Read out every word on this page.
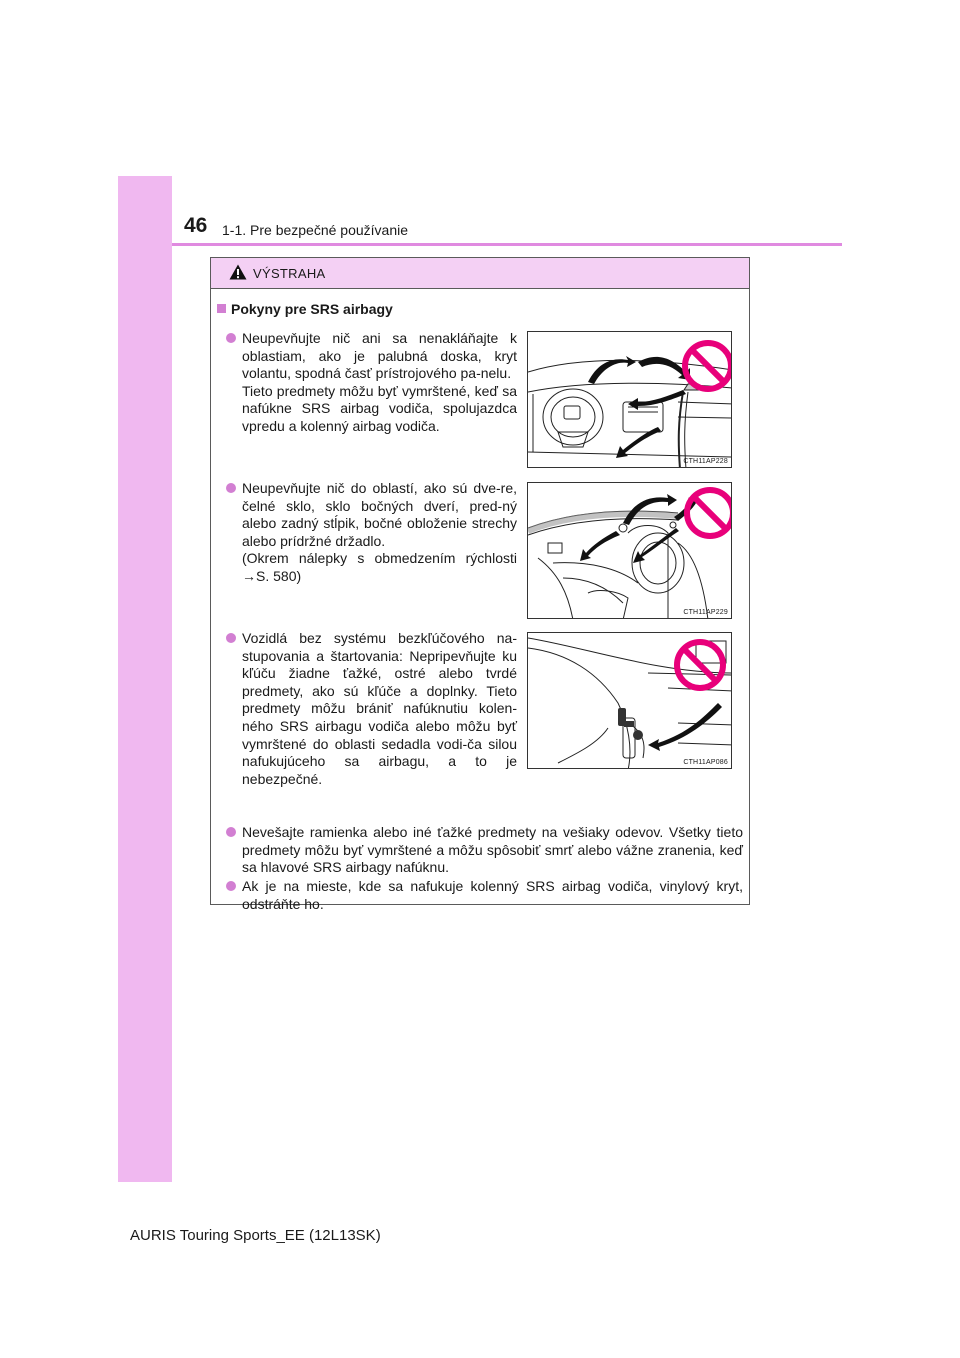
46 1-1. Pre bezpečné používanie
VÝSTRAHA
Pokyny pre SRS airbagy
Neupevňujte nič ani sa nenakláňajte k oblastiam, ako je palubná doska, kryt volantu, spodná časť prístrojového pa-nelu.
Tieto predmety môžu byť vymrštené, keď sa nafúkne SRS airbag vodiča, spolujazdca vpredu a kolenný airbag vodiča.
Neupevňujte nič do oblastí, ako sú dve-re, čelné sklo, sklo bočných dverí, pred-ný alebo zadný stĺpik, bočné obloženie strechy alebo prídržné držadlo.
(Okrem nálepky s obmedzením rýchlosti →S. 580)
Vozidlá bez systému bezkľúčového na-stupovania a štartovania: Nepripevňujte ku kľúču žiadne ťažké, ostré alebo tvrdé predmety, ako sú kľúče a doplnky. Tieto predmety môžu brániť nafúknutiu kolen-ného SRS airbagu vodiča alebo môžu byť vymrštené do oblasti sedadla vodi-ča silou nafukujúceho sa airbagu, a to je nebezpečné.
Nevešajte ramienka alebo iné ťažké predmety na vešiaky odevov. Všetky tieto predmety môžu byť vymrštené a môžu spôsobiť smrť alebo vážne zranenia, keď sa hlavové SRS airbagy nafúknu.
Ak je na mieste, kde sa nafukuje kolenný SRS airbag vodiča, vinylový kryt, odstráňte ho.
CTH11AP228
CTH11AP229
CTH11AP086
AURIS Touring Sports_EE (12L13SK)
